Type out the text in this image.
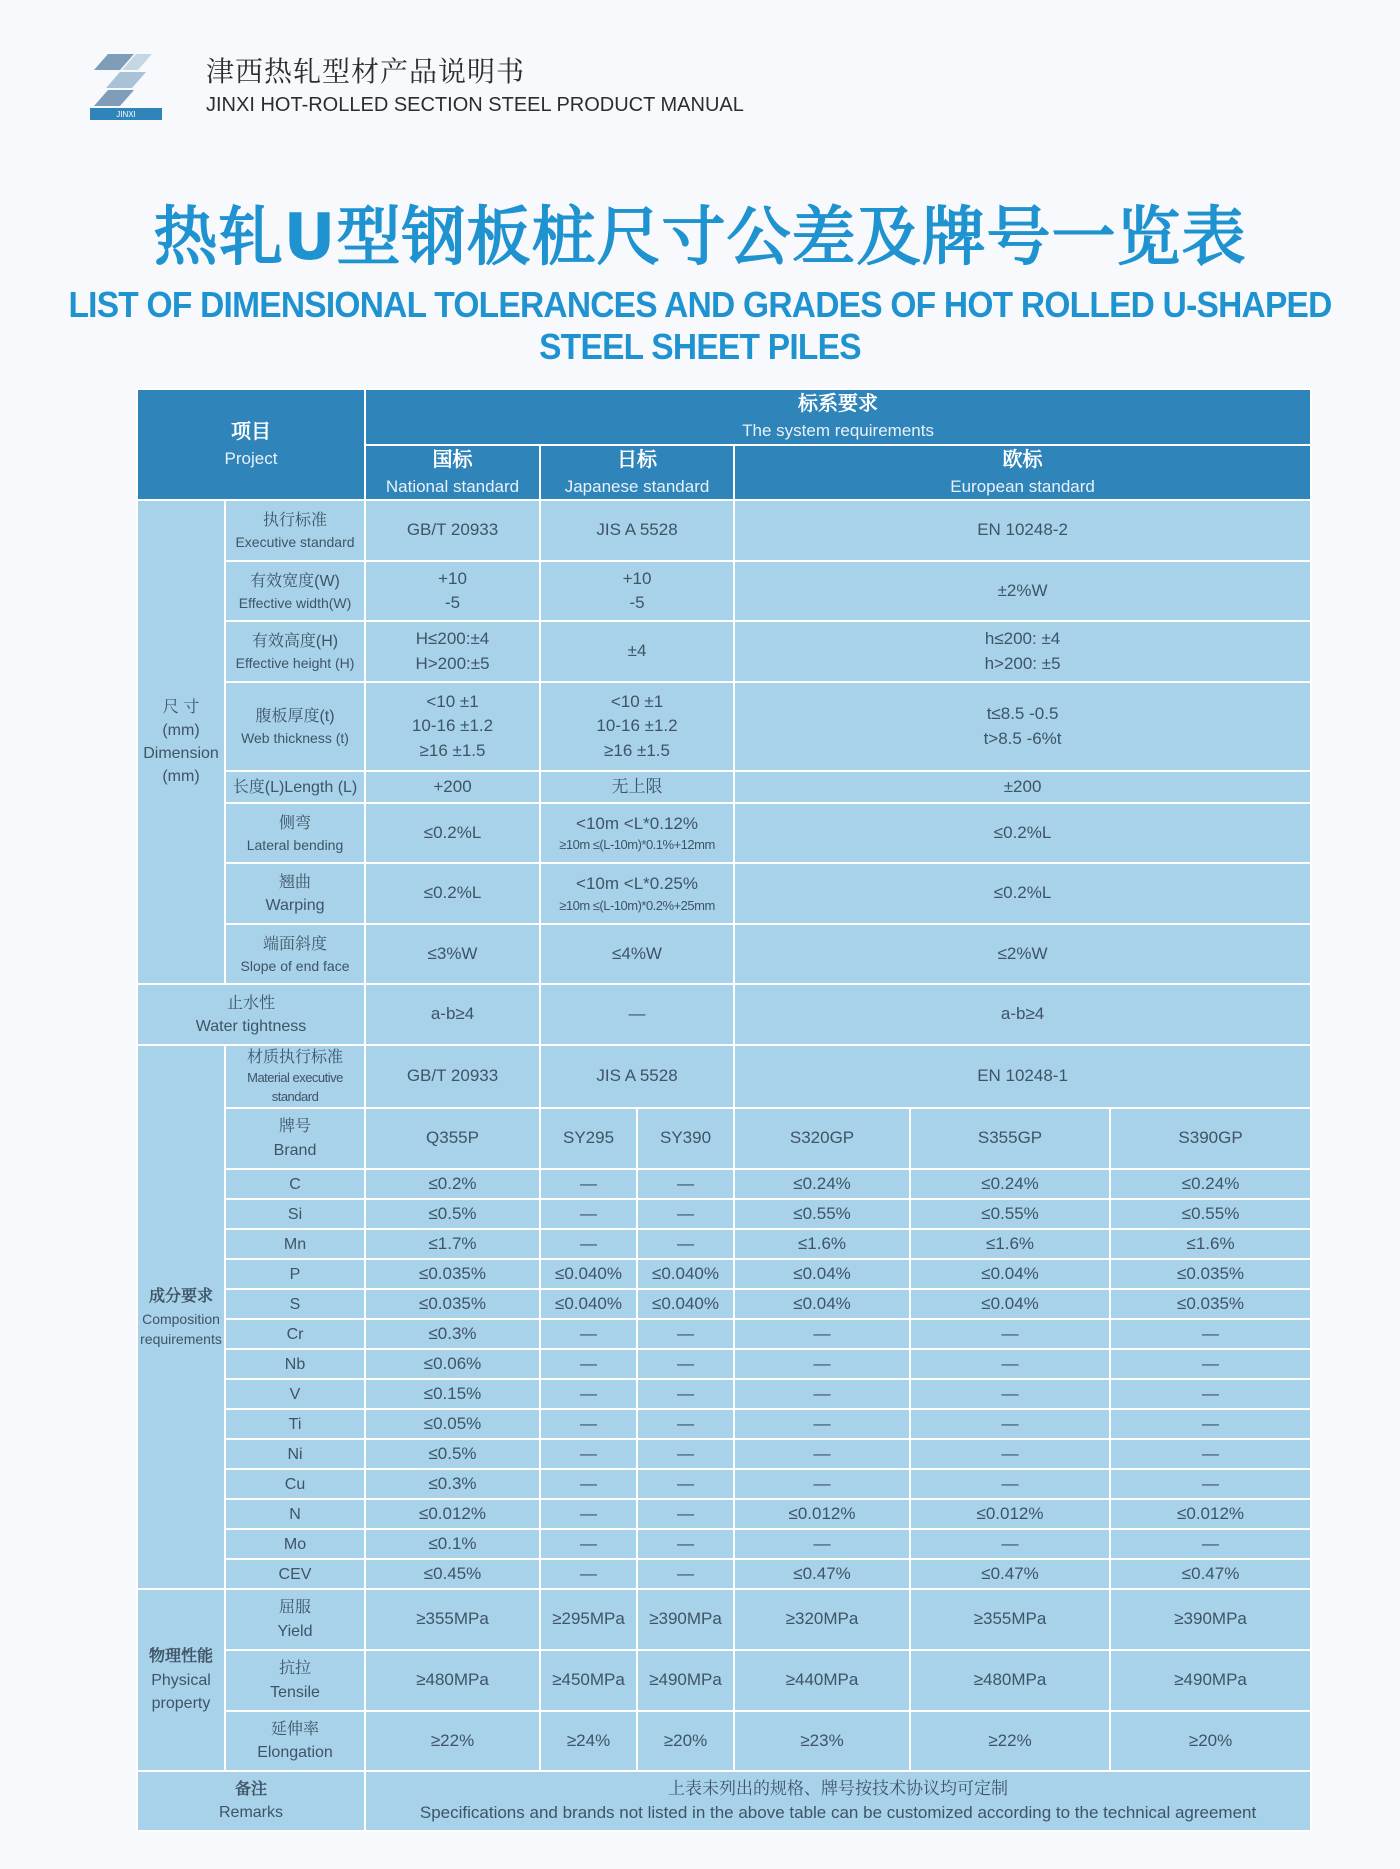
JINXI
津西热轧型材产品说明书
JINXI HOT-ROLLED SECTION STEEL PRODUCT MANUAL
热轧U型钢板桩尺寸公差及牌号一览表
LIST OF DIMENSIONAL TOLERANCES AND GRADES OF HOT ROLLED U-SHAPED STEEL SHEET PILES
项目
Project		标系要求
The system requirements					

		国标
National standard	日标
Japanese standard		欧标
European standard		

尺 寸
(mm)
Dimension
(mm)	执行标准
Executive standard	GB/T 20933	JIS A 5528		EN 10248-2		

	有效宽度(W)
Effective width(W)	+10
-5	+10
-5		±2%W		

	有效高度(H)
Effective height (H)	H≤200:±4
H>200:±5	±4		h≤200: ±4
h>200: ±5		

	腹板厚度(t)
Web thickness (t)	<10 ±1
10-16 ±1.2
≥16 ±1.5	<10 ±1
10-16 ±1.2
≥16 ±1.5		t≤8.5 -0.5
t>8.5 -6%t		

	长度(L)Length (L)	+200	无上限		±200		

	侧弯
Lateral bending	≤0.2%L	<10m <L*0.12%
≥10m ≤(L-10m)*0.1%+12mm		≤0.2%L		

	翘曲
Warping	≤0.2%L	<10m <L*0.25%
≥10m ≤(L-10m)*0.2%+25mm		≤0.2%L		

	端面斜度
Slope of end face	≤3%W	≤4%W		≤2%W		

止水性
Water tightness		a-b≥4	—		a-b≥4		

成分要求
Composition
requirements	材质执行标准
Material executive standard	GB/T 20933	JIS A 5528		EN 10248-1		

	牌号
Brand	Q355P	SY295	SY390	S320GP	S355GP	S390GP
	C	≤0.2%	—	—	≤0.24%	≤0.24%	≤0.24%
	Si	≤0.5%	—	—	≤0.55%	≤0.55%	≤0.55%
	Mn	≤1.7%	—	—	≤1.6%	≤1.6%	≤1.6%
	P	≤0.035%	≤0.040%	≤0.040%	≤0.04%	≤0.04%	≤0.035%
	S	≤0.035%	≤0.040%	≤0.040%	≤0.04%	≤0.04%	≤0.035%
	Cr	≤0.3%	—	—	—	—	—
	Nb	≤0.06%	—	—	—	—	—
	V	≤0.15%	—	—	—	—	—
	Ti	≤0.05%	—	—	—	—	—
	Ni	≤0.5%	—	—	—	—	—
	Cu	≤0.3%	—	—	—	—	—
	N	≤0.012%	—	—	≤0.012%	≤0.012%	≤0.012%
	Mo	≤0.1%	—	—	—	—	—
	CEV	≤0.45%	—	—	≤0.47%	≤0.47%	≤0.47%

物理性能
Physical
property	屈服
Yield	≥355MPa	≥295MPa	≥390MPa	≥320MPa	≥355MPa	≥390MPa

	抗拉
Tensile	≥480MPa	≥450MPa	≥490MPa	≥440MPa	≥480MPa	≥490MPa

	延伸率
Elongation	≥22%	≥24%	≥20%	≥23%	≥22%	≥20%

备注
Remarks		上表未列出的规格、牌号按技术协议均可定制
Specifications and brands not listed in the above table can be customized according to the technical agreement					
